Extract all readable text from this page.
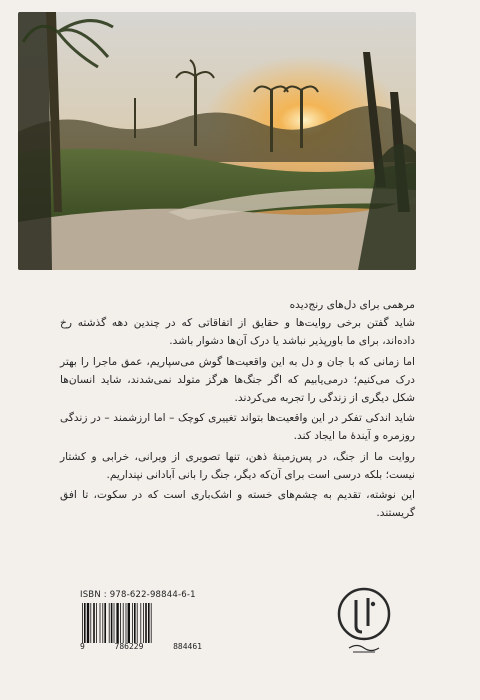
مرهمی برای دل‌های رنج‌دیده

شاید گفتن برخی روایت‌ها و حقایق از اتفاقاتی که در چندین دهه گذشته رخ داده‌اند، برای ما باورپذیر نباشد یا درک آن‌ها دشوار باشد.

اما زمانی که با جان و دل به این واقعیت‌ها گوش می‌سپاریم، عمق ماجرا را بهتر درک می‌کنیم؛ درمی‌یابیم که اگر جنگ‌ها هرگز متولد نمی‌شدند، شاید انسان‌ها شکل دیگری از زندگی را تجربه می‌کردند.

شاید اندکی تفکر در این واقعیت‌ها بتواند تغییری کوچک – اما ارزشمند – در زندگی روزمره و آیندهٔ ما ایجاد کند.

روایت ما از جنگ، در پس‌زمینهٔ ذهن، تنها تصویری از ویرانی، خرابی و کشتار نیست؛ بلکه درسی است برای آن‌که دیگر، جنگ را بانی آبادانی نپنداریم.

این نوشته، تقدیم به چشم‌های خسته و اشک‌باری است که در سکوت، تا افق گریستند.

ISBN : 978-622-98844-6-1
9	786229	884461
